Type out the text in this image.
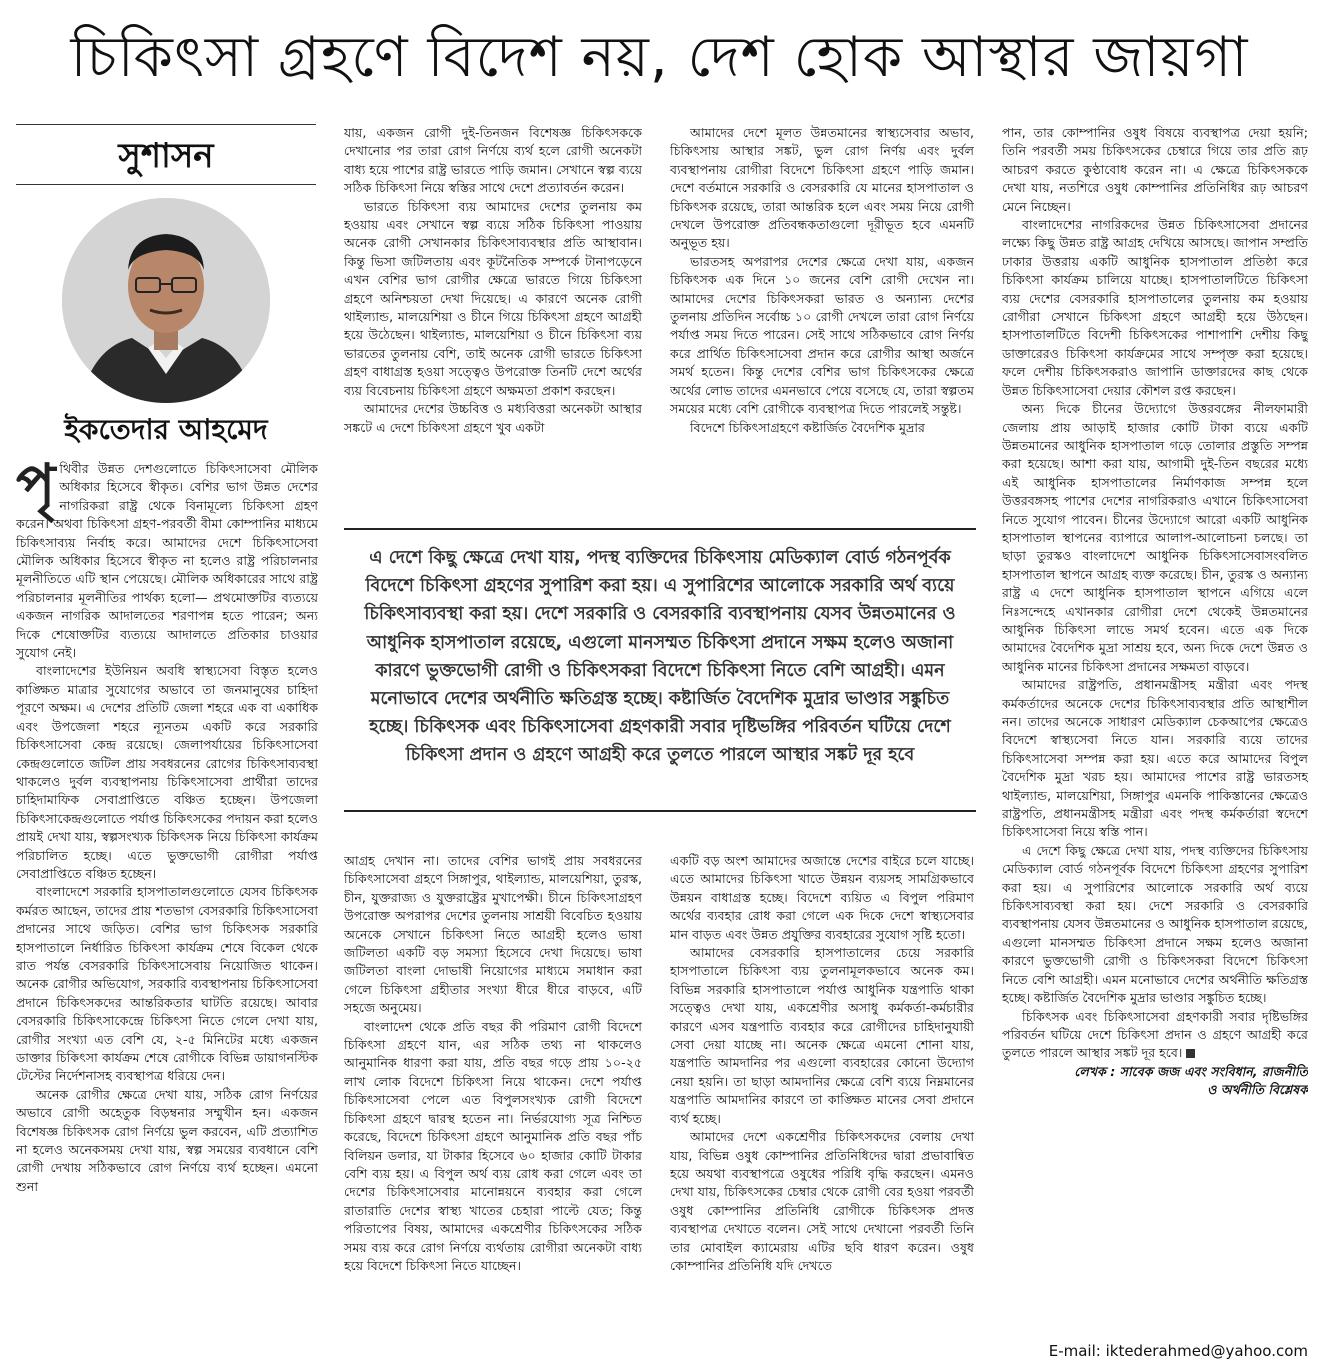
চিকিৎসা গ্রহণে বিদেশ নয়, দেশ হোক আস্থার জায়গা
সুশাসন
ইকতেদার আহমেদ

পৃথিবীর উন্নত দেশগুলোতে চিকিৎসাসেবা মৌলিক অধিকার হিসেবে স্বীকৃত। বেশির ভাগ উন্নত দেশের নাগরিকরা রাষ্ট্র থেকে বিনামূল্যে চিকিৎসা গ্রহণ করেন। অথবা চিকিৎসা গ্রহণ-পরবর্তী বীমা কোম্পানির মাধ্যমে চিকিৎসাব্যয় নির্বাহ করে। আমাদের দেশে চিকিৎসাসেবা মৌলিক অধিকার হিসেবে স্বীকৃত না হলেও রাষ্ট্র পরিচালনার মূলনীতিতে এটি স্থান পেয়েছে। মৌলিক অধিকারের সাথে রাষ্ট্র পরিচালনার মূলনীতির পার্থক্য হলো— প্রথমোক্তটির ব্যত্যয়ে একজন নাগরিক আদালতের শরণাপন্ন হতে পারেন; অন্য দিকে শেষোক্তটির ব্যত্যয়ে আদালতে প্রতিকার চাওয়ার সুযোগ নেই।

বাংলাদেশের ইউনিয়ন অবধি স্বাস্থ্যসেবা বিস্তৃত হলেও কাঙ্ক্ষিত মাত্রার সুযোগের অভাবে তা জনমানুষের চাহিদা পূরণে অক্ষম। এ দেশের প্রতিটি জেলা শহরে এক বা একাধিক এবং উপজেলা শহরে ন্যূনতম একটি করে সরকারি চিকিৎসাসেবা কেন্দ্র রয়েছে। জেলাপর্যায়ের চিকিৎসাসেবা কেন্দ্রগুলোতে জটিল প্রায় সবধরনের রোগের চিকিৎসাব্যবস্থা থাকলেও দুর্বল ব্যবস্থাপনায় চিকিৎসাসেবা প্রার্থীরা তাদের চাহিদামাফিক সেবাপ্রাপ্তিতে বঞ্চিত হচ্ছেন। উপজেলা চিকিৎসাকেন্দ্রগুলোতে পর্যাপ্ত চিকিৎসকের পদায়ন করা হলেও প্রায়ই দেখা যায়, স্বল্পসংখ্যক চিকিৎসক নিয়ে চিকিৎসা কার্যক্রম পরিচালিত হচ্ছে। এতে ভুক্তভোগী রোগীরা পর্যাপ্ত সেবাপ্রাপ্তিতে বঞ্চিত হচ্ছেন।

বাংলাদেশে সরকারি হাসপাতালগুলোতে যেসব চিকিৎসক কর্মরত আছেন, তাদের প্রায় শতভাগ বেসরকারি চিকিৎসাসেবা প্রদানের সাথে জড়িত। বেশির ভাগ চিকিৎসক সরকারি হাসপাতালে নির্ধারিত চিকিৎসা কার্যক্রম শেষে বিকেল থেকে রাত পর্যন্ত বেসরকারি চিকিৎসাসেবায় নিয়োজিত থাকেন। অনেক রোগীর অভিযোগ, সরকারি ব্যবস্থাপনায় চিকিৎসাসেবা প্রদানে চিকিৎসকদের আন্তরিকতার ঘাটতি রয়েছে। আবার বেসরকারি চিকিৎসাকেন্দ্রে চিকিৎসা নিতে গেলে দেখা যায়, রোগীর সংখ্যা এত বেশি যে, ২-৫ মিনিটের মধ্যে একজন ডাক্তার চিকিৎসা কার্যক্রম শেষে রোগীকে বিভিন্ন ডায়াগনস্টিক টেস্টের নির্দেশনাসহ ব্যবস্থাপত্র ধরিয়ে দেন।

অনেক রোগীর ক্ষেত্রে দেখা যায়, সঠিক রোগ নির্ণয়ের অভাবে রোগী অহেতুক বিড়ম্বনার সম্মুখীন হন। একজন বিশেষজ্ঞ চিকিৎসক রোগ নির্ণয়ে ভুল করবেন, এটি প্রত্যাশিত না হলেও অনেকসময় দেখা যায়, স্বল্প সময়ের ব্যবধানে বেশি রোগী দেখায় সঠিকভাবে রোগ নির্ণয়ে ব্যর্থ হচ্ছেন। এমনো শুনা

যায়, একজন রোগী দুই-তিনজন বিশেষজ্ঞ চিকিৎসককে দেখানোর পর তারা রোগ নির্ণয়ে ব্যর্থ হলে রোগী অনেকটা বাধ্য হয়ে পাশের রাষ্ট্র ভারতে পাড়ি জমান। সেখানে স্বল্প ব্যয়ে সঠিক চিকিৎসা নিয়ে স্বস্তির সাথে দেশে প্রত্যাবর্তন করেন।

ভারতে চিকিৎসা ব্যয় আমাদের দেশের তুলনায় কম হওয়ায় এবং সেখানে স্বল্প ব্যয়ে সঠিক চিকিৎসা পাওয়ায় অনেক রোগী সেখানকার চিকিৎসাব্যবস্থার প্রতি আস্থাবান। কিন্তু ভিসা জটিলতায় এবং কূটনৈতিক সম্পর্কে টানাপড়েনে এখন বেশির ভাগ রোগীর ক্ষেত্রে ভারতে গিয়ে চিকিৎসা গ্রহণে অনিশ্চয়তা দেখা দিয়েছে। এ কারণে অনেক রোগী থাইল্যান্ড, মালয়েশিয়া ও চীনে গিয়ে চিকিৎসা গ্রহণে আগ্রহী হয়ে উঠেছেন। থাইল্যান্ড, মালয়েশিয়া ও চীনে চিকিৎসা ব্যয় ভারতের তুলনায় বেশি, তাই অনেক রোগী ভারতে চিকিৎসা গ্রহণ বাধাগ্রস্ত হওয়া সত্ত্বেও উপরোক্ত তিনটি দেশে অর্থের ব্যয় বিবেচনায় চিকিৎসা গ্রহণে অক্ষমতা প্রকাশ করছেন।

আমাদের দেশের উচ্চবিত্ত ও মধ্যবিত্তরা অনেকটা আস্থার সঙ্কটে এ দেশে চিকিৎসা গ্রহণে খুব একটা

আমাদের দেশে মূলত উন্নতমানের স্বাস্থ্যসেবার অভাব, চিকিৎসায় আস্থার সঙ্কট, ভুল রোগ নির্ণয় এবং দুর্বল ব্যবস্থাপনায় রোগীরা বিদেশে চিকিৎসা গ্রহণে পাড়ি জমান। দেশে বর্তমানে সরকারি ও বেসরকারি যে মানের হাসপাতাল ও চিকিৎসক রয়েছে, তারা আন্তরিক হলে এবং সময় নিয়ে রোগী দেখলে উপরোক্ত প্রতিবন্ধকতাগুলো দূরীভূত হবে এমনটি অনুভূত হয়।

ভারতসহ অপরাপর দেশের ক্ষেত্রে দেখা যায়, একজন চিকিৎসক এক দিনে ১০ জনের বেশি রোগী দেখেন না। আমাদের দেশের চিকিৎসকরা ভারত ও অন্যান্য দেশের তুলনায় প্রতিদিন সর্বোচ্চ ১০ রোগী দেখলে তারা রোগ নির্ণয়ে পর্যাপ্ত সময় দিতে পারেন। সেই সাথে সঠিকভাবে রোগ নির্ণয় করে প্রার্থিত চিকিৎসাসেবা প্রদান করে রোগীর আস্থা অর্জনে সমর্থ হতেন। কিন্তু দেশের বেশির ভাগ চিকিৎসকের ক্ষেত্রে অর্থের লোভ তাদের এমনভাবে পেয়ে বসেছে যে, তারা স্বল্পতম সময়ের মধ্যে বেশি রোগীকে ব্যবস্থাপত্র দিতে পারলেই সন্তুষ্ট।

বিদেশে চিকিৎসাগ্রহণে কষ্টার্জিত বৈদেশিক মুদ্রার

এ দেশে কিছু ক্ষেত্রে দেখা যায়, পদস্থ ব্যক্তিদের চিকিৎসায় মেডিক্যাল বোর্ড গঠনপূর্বক বিদেশে চিকিৎসা গ্রহণের সুপারিশ করা হয়। এ সুপারিশের আলোকে সরকারি অর্থ ব্যয়ে চিকিৎসাব্যবস্থা করা হয়। দেশে সরকারি ও বেসরকারি ব্যবস্থাপনায় যেসব উন্নতমানের ও আধুনিক হাসপাতাল রয়েছে, এগুলো মানসম্মত চিকিৎসা প্রদানে সক্ষম হলেও অজানা কারণে ভুক্তভোগী রোগী ও চিকিৎসকরা বিদেশে চিকিৎসা নিতে বেশি আগ্রহী। এমন মনোভাবে দেশের অর্থনীতি ক্ষতিগ্রস্ত হচ্ছে। কষ্টার্জিত বৈদেশিক মুদ্রার ভাণ্ডার সঙ্কুচিত হচ্ছে। চিকিৎসক এবং চিকিৎসাসেবা গ্রহণকারী সবার দৃষ্টিভঙ্গির পরিবর্তন ঘটিয়ে দেশে চিকিৎসা প্রদান ও গ্রহণে আগ্রহী করে তুলতে পারলে আস্থার সঙ্কট দূর হবে

আগ্রহ দেখান না। তাদের বেশির ভাগই প্রায় সবধরনের চিকিৎসাসেবা গ্রহণে সিঙ্গাপুর, থাইল্যান্ড, মালয়েশিয়া, তুরস্ক, চীন, যুক্তরাজ্য ও যুক্তরাষ্ট্রের মুখাপেক্ষী। চীনে চিকিৎসাগ্রহণ উপরোক্ত অপরাপর দেশের তুলনায় সাশ্রয়ী বিবেচিত হওয়ায় অনেকে সেখানে চিকিৎসা নিতে আগ্রহী হলেও ভাষা জটিলতা একটি বড় সমস্যা হিসেবে দেখা দিয়েছে। ভাষা জটিলতা বাংলা দোভাষী নিয়োগের মাধ্যমে সমাধান করা গেলে চিকিৎসা গ্রহীতার সংখ্যা ধীরে ধীরে বাড়বে, এটি সহজে অনুমেয়।

বাংলাদেশ থেকে প্রতি বছর কী পরিমাণ রোগী বিদেশে চিকিৎসা গ্রহণে যান, এর সঠিক তথ্য না থাকলেও আনুমানিক ধারণা করা যায়, প্রতি বছর গড়ে প্রায় ১০-২৫ লাখ লোক বিদেশে চিকিৎসা নিয়ে থাকেন। দেশে পর্যাপ্ত চিকিৎসাসেবা পেলে এত বিপুলসংখ্যক রোগী বিদেশে চিকিৎসা গ্রহণে দ্বারস্থ হতেন না। নির্ভরযোগ্য সূত্র নিশ্চিত করেছে, বিদেশে চিকিৎসা গ্রহণে আনুমানিক প্রতি বছর পাঁচ বিলিয়ন ডলার, যা টাকার হিসেবে ৬০ হাজার কোটি টাকার বেশি ব্যয় হয়। এ বিপুল অর্থ ব্যয় রোধ করা গেলে এবং তা দেশের চিকিৎসাসেবার মানোন্নয়নে ব্যবহার করা গেলে রাতারাতি দেশের স্বাস্থ্য খাতের চেহারা পাল্টে যেত; কিন্তু পরিতাপের বিষয়, আমাদের একশ্রেণীর চিকিৎসকের সঠিক সময় ব্যয় করে রোগ নির্ণয়ে ব্যর্থতায় রোগীরা অনেকটা বাধ্য হয়ে বিদেশে চিকিৎসা নিতে যাচ্ছেন।

একটি বড় অংশ আমাদের অজান্তে দেশের বাইরে চলে যাচ্ছে। এতে আমাদের চিকিৎসা খাতে উন্নয়ন ব্যয়সহ সামগ্রিকভাবে উন্নয়ন বাধাগ্রস্ত হচ্ছে। বিদেশে ব্যয়িত এ বিপুল পরিমাণ অর্থের ব্যবহার রোধ করা গেলে এক দিকে দেশে স্বাস্থ্যসেবার মান বাড়ত এবং উন্নত প্রযুক্তির ব্যবহারের সুযোগ সৃষ্টি হতো।

আমাদের বেসরকারি হাসপাতালের চেয়ে সরকারি হাসপাতালে চিকিৎসা ব্যয় তুলনামূলকভাবে অনেক কম। বিভিন্ন সরকারি হাসপাতালে পর্যাপ্ত আধুনিক যন্ত্রপাতি থাকা সত্ত্বেও দেখা যায়, একশ্রেণীর অসাধু কর্মকর্তা-কর্মচারীর কারণে এসব যন্ত্রপাতি ব্যবহার করে রোগীদের চাহিদানুযায়ী সেবা দেয়া যাচ্ছে না। অনেক ক্ষেত্রে এমনো শোনা যায়, যন্ত্রপাতি আমদানির পর এগুলো ব্যবহারের কোনো উদ্যোগ নেয়া হয়নি। তা ছাড়া আমদানির ক্ষেত্রে বেশি ব্যয়ে নিম্নমানের যন্ত্রপাতি আমদানির কারণে তা কাঙ্ক্ষিত মানের সেবা প্রদানে ব্যর্থ হচ্ছে।

আমাদের দেশে একশ্রেণীর চিকিৎসকদের বেলায় দেখা যায়, বিভিন্ন ওষুধ কোম্পানির প্রতিনিধিদের দ্বারা প্রভাবান্বিত হয়ে অযথা ব্যবস্থাপত্রে ওষুধের পরিধি বৃদ্ধি করছেন। এমনও দেখা যায়, চিকিৎসকের চেম্বার থেকে রোগী বের হওয়া পরবর্তী ওষুধ কোম্পানির প্রতিনিধি রোগীকে চিকিৎসক প্রদত্ত ব্যবস্থাপত্র দেখাতে বলেন। সেই সাথে দেখানো পরবর্তী তিনি তার মোবাইল ক্যামেরায় এটির ছবি ধারণ করেন। ওষুধ কোম্পানির প্রতিনিধি যদি দেখতে

পান, তার কোম্পানির ওষুধ বিষয়ে ব্যবস্থাপত্র দেয়া হয়নি; তিনি পরবর্তী সময় চিকিৎসকের চেম্বারে গিয়ে তার প্রতি রূঢ় আচরণ করতে কুণ্ঠাবোধ করেন না। এ ক্ষেত্রে চিকিৎসককে দেখা যায়, নতশিরে ওষুধ কোম্পানির প্রতিনিধির রূঢ় আচরণ মেনে নিচ্ছেন।

বাংলাদেশের নাগরিকদের উন্নত চিকিৎসাসেবা প্রদানের লক্ষ্যে কিছু উন্নত রাষ্ট্র আগ্রহ দেখিয়ে আসছে। জাপান সম্প্রতি ঢাকার উত্তরায় একটি আধুনিক হাসপাতাল প্রতিষ্ঠা করে চিকিৎসা কার্যক্রম চালিয়ে যাচ্ছে। হাসপাতালটিতে চিকিৎসা ব্যয় দেশের বেসরকারি হাসপাতালের তুলনায় কম হওয়ায় রোগীরা সেখানে চিকিৎসা গ্রহণে আগ্রহী হয়ে উঠছেন। হাসপাতালটিতে বিদেশী চিকিৎসকের পাশাপাশি দেশীয় কিছু ডাক্তারেরও চিকিৎসা কার্যক্রমের সাথে সম্পৃক্ত করা হয়েছে। ফলে দেশীয় চিকিৎসকরাও জাপানি ডাক্তারদের কাছ থেকে উন্নত চিকিৎসাসেবা দেয়ার কৌশল রপ্ত করছেন।

অন্য দিকে চীনের উদ্যোগে উত্তরবঙ্গের নীলফামারী জেলায় প্রায় আড়াই হাজার কোটি টাকা ব্যয়ে একটি উন্নতমানের আধুনিক হাসপাতাল গড়ে তোলার প্রস্তুতি সম্পন্ন করা হয়েছে। আশা করা যায়, আগামী দুই-তিন বছরের মধ্যে এই আধুনিক হাসপাতালের নির্মাণকাজ সম্পন্ন হলে উত্তরবঙ্গসহ পাশের দেশের নাগরিকরাও এখানে চিকিৎসাসেবা নিতে সুযোগ পাবেন। চীনের উদ্যোগে আরো একটি আধুনিক হাসপাতাল স্থাপনের ব্যাপারে আলাপ-আলোচনা চলছে। তা ছাড়া তুরস্কও বাংলাদেশে আধুনিক চিকিৎসাসেবাসংবলিত হাসপাতাল স্থাপনে আগ্রহ ব্যক্ত করেছে। চীন, তুরস্ক ও অন্যান্য রাষ্ট্র এ দেশে আধুনিক হাসপাতাল স্থাপনে এগিয়ে এলে নিঃসন্দেহে এখানকার রোগীরা দেশে থেকেই উন্নতমানের আধুনিক চিকিৎসা লাভে সমর্থ হবেন। এতে এক দিকে আমাদের বৈদেশিক মুদ্রা সাশ্রয় হবে, অন্য দিকে দেশে উন্নত ও আধুনিক মানের চিকিৎসা প্রদানের সক্ষমতা বাড়বে।

আমাদের রাষ্ট্রপতি, প্রধানমন্ত্রীসহ মন্ত্রীরা এবং পদস্থ কর্মকর্তাদের অনেকে দেশের চিকিৎসাব্যবস্থার প্রতি আস্থাশীল নন। তাদের অনেকে সাধারণ মেডিক্যাল চেকআপের ক্ষেত্রেও বিদেশে স্বাস্থ্যসেবা নিতে যান। সরকারি ব্যয়ে তাদের চিকিৎসাসেবা সম্পন্ন করা হয়। এতে করে আমাদের বিপুল বৈদেশিক মুদ্রা খরচ হয়। আমাদের পাশের রাষ্ট্র ভারতসহ থাইল্যান্ড, মালয়েশিয়া, সিঙ্গাপুর এমনকি পাকিস্তানের ক্ষেত্রেও রাষ্ট্রপতি, প্রধানমন্ত্রীসহ মন্ত্রীরা এবং পদস্থ কর্মকর্তারা স্বদেশে চিকিৎসাসেবা নিয়ে স্বস্তি পান।

এ দেশে কিছু ক্ষেত্রে দেখা যায়, পদস্থ ব্যক্তিদের চিকিৎসায় মেডিক্যাল বোর্ড গঠনপূর্বক বিদেশে চিকিৎসা গ্রহণের সুপারিশ করা হয়। এ সুপারিশের আলোকে সরকারি অর্থ ব্যয়ে চিকিৎসাব্যবস্থা করা হয়। দেশে সরকারি ও বেসরকারি ব্যবস্থাপনায় যেসব উন্নতমানের ও আধুনিক হাসপাতাল রয়েছে, এগুলো মানসম্মত চিকিৎসা প্রদানে সক্ষম হলেও অজানা কারণে ভুক্তভোগী রোগী ও চিকিৎসকরা বিদেশে চিকিৎসা নিতে বেশি আগ্রহী। এমন মনোভাবে দেশের অর্থনীতি ক্ষতিগ্রস্ত হচ্ছে। কষ্টার্জিত বৈদেশিক মুদ্রার ভাণ্ডার সঙ্কুচিত হচ্ছে।

চিকিৎসক এবং চিকিৎসাসেবা গ্রহণকারী সবার দৃষ্টিভঙ্গির পরিবর্তন ঘটিয়ে দেশে চিকিৎসা প্রদান ও গ্রহণে আগ্রহী করে তুলতে পারলে আস্থার সঙ্কট দূর হবে।

লেখক : সাবেক জজ এবং সংবিধান, রাজনীতি
ও অর্থনীতি বিশ্লেষক
E-mail: iktederahmed@yahoo.com
